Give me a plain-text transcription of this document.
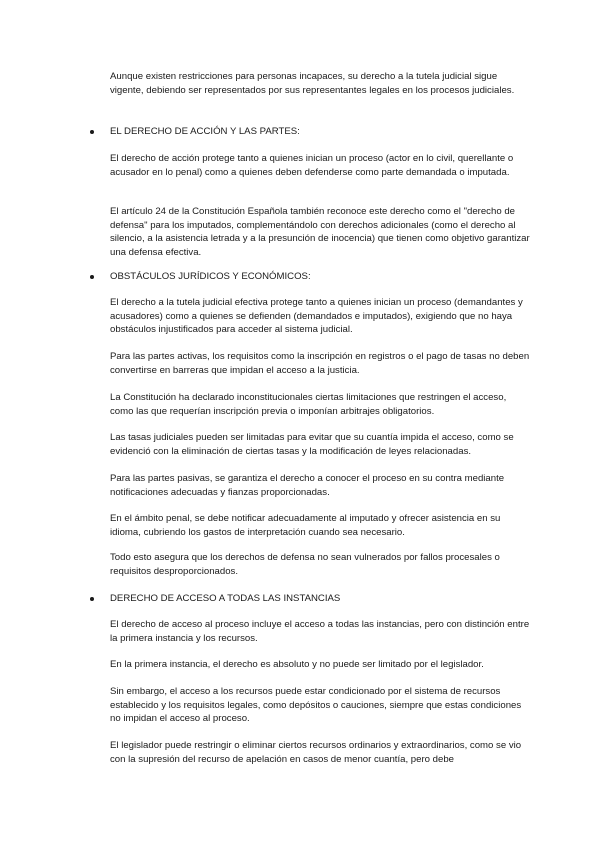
Aunque existen restricciones para personas incapaces, su derecho a la tutela judicial sigue vigente, debiendo ser representados por sus representantes legales en los procesos judiciales.

EL DERECHO DE ACCIÓN Y LAS PARTES:

El derecho de acción protege tanto a quienes inician un proceso (actor en lo civil, querellante o acusador en lo penal) como a quienes deben defenderse como parte demandada o imputada.

El artículo 24 de la Constitución Española también reconoce este derecho como el "derecho de defensa" para los imputados, complementándolo con derechos adicionales (como el derecho al silencio, a la asistencia letrada y a la presunción de inocencia) que tienen como objetivo garantizar una defensa efectiva.

OBSTÁCULOS JURÍDICOS Y ECONÓMICOS:

El derecho a la tutela judicial efectiva protege tanto a quienes inician un proceso (demandantes y acusadores) como a quienes se defienden (demandados e imputados), exigiendo que no haya obstáculos injustificados para acceder al sistema judicial.

Para las partes activas, los requisitos como la inscripción en registros o el pago de tasas no deben convertirse en barreras que impidan el acceso a la justicia.

La Constitución ha declarado inconstitucionales ciertas limitaciones que restringen el acceso, como las que requerían inscripción previa o imponían arbitrajes obligatorios.

Las tasas judiciales pueden ser limitadas para evitar que su cuantía impida el acceso, como se evidenció con la eliminación de ciertas tasas y la modificación de leyes relacionadas.

Para las partes pasivas, se garantiza el derecho a conocer el proceso en su contra mediante notificaciones adecuadas y fianzas proporcionadas.

En el ámbito penal, se debe notificar adecuadamente al imputado y ofrecer asistencia en su idioma, cubriendo los gastos de interpretación cuando sea necesario.

Todo esto asegura que los derechos de defensa no sean vulnerados por fallos procesales o requisitos desproporcionados.

DERECHO DE ACCESO A TODAS LAS INSTANCIAS

El derecho de acceso al proceso incluye el acceso a todas las instancias, pero con distinción entre la primera instancia y los recursos.

En la primera instancia, el derecho es absoluto y no puede ser limitado por el legislador.

Sin embargo, el acceso a los recursos puede estar condicionado por el sistema de recursos establecido y los requisitos legales, como depósitos o cauciones, siempre que estas condiciones no impidan el acceso al proceso.

El legislador puede restringir o eliminar ciertos recursos ordinarios y extraordinarios, como se vio con la supresión del recurso de apelación en casos de menor cuantía, pero debe
